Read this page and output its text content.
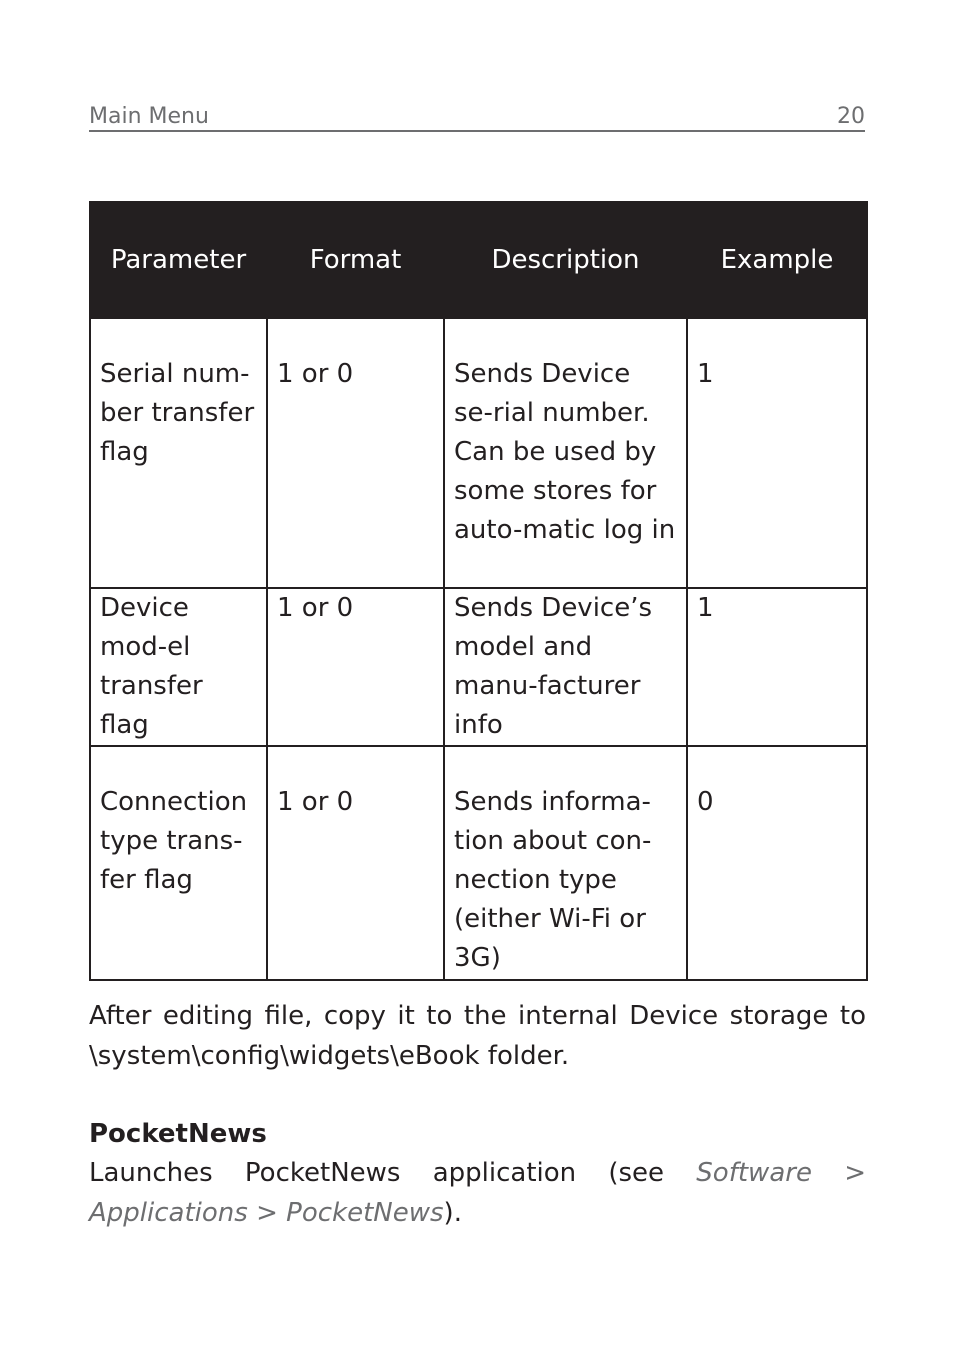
Main Menu	20
Parameter	Format	Description	Example
Serial num-ber transfer flag	1 or 0	Sends Device se-rial number. Can be used by some stores for auto-matic log in	1
Device mod-el transfer flag	1 or 0	Sends Device’s model and manu-facturer info	1
Connection type trans-fer flag	1 or 0	Sends informa-tion about con-nection type (either Wi-Fi or 3G)	0

After editing file, copy it to the internal Device storage to \system\config\widgets\eBook folder.

PocketNews

Launches PocketNews application (see Software > Applications > PocketNews).
